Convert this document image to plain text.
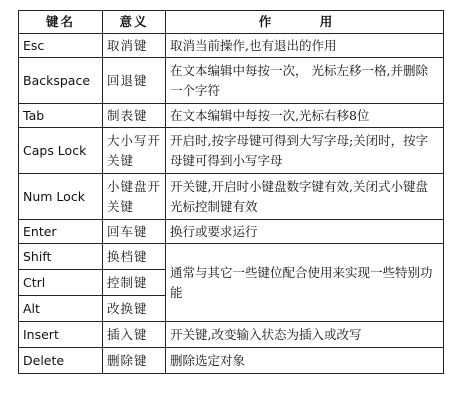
键名	意义	作　用
Esc	取消键	取消当前操作,也有退出的作用
Backspace	回退键	在文本编辑中每按一次， 光标左移一格,并删除一个字符
Tab	制表键	在文本编辑中每按一次,光标右移8位
Caps Lock	大小写开关键	开启时,按字母键可得到大写字母;关闭时，按字母键可得到小写字母
Num Lock	小键盘开关键	开关键,开启时小键盘数字键有效,关闭式小键盘光标控制键有效
Enter	回车键	换行或要求运行
Shift	换档键	通常与其它一些键位配合使用来实现一些特别功能
Ctrl	控制键	
Alt	改换键	
Insert	插入键	开关键,改变输入状态为插入或改写
Delete	删除键	删除选定对象
